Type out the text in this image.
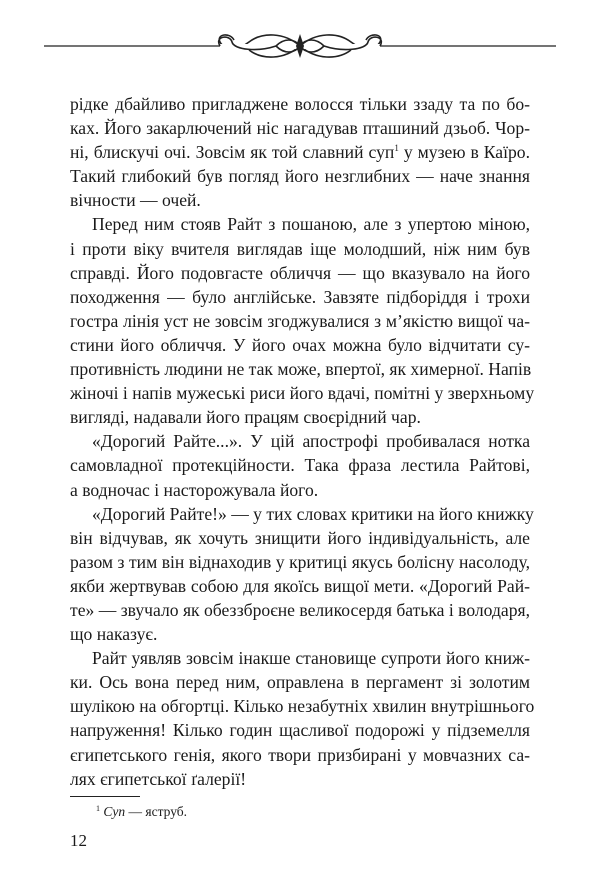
рідке дбайливо пригладжене волосся тільки ззаду та по бо-
ках. Його закарлючений ніс нагадував пташиний дзьоб. Чор-
ні, блискучі очі. Зовсім як той славний суп$^1$ у музею в Каїро.
Такий глибокий був погляд його незглибних — наче знання
вічности — очей.
Перед ним стояв Райт з пошаною, але з упертою міною,
і проти віку вчителя виглядав іще молодший, ніж ним був
справді. Його подовгасте обличчя — що вказувало на його
походження — було англійське. Завзяте підборіддя і трохи
гостра лінія уст не зовсім згоджувалися з м’якістю вищої ча-
стини його обличчя. У його очах можна було відчитати су-
противність людини не так може, впертої, як химерної. Напів
жіночі і напів мужеські риси його вдачі, помітні у зверхньому
вигляді, надавали його працям своєрідний чар.
«Дорогий Райте...». У цій апострофі пробивалася нотка
самовладної протекційности. Така фраза лестила Райтові,
а водночас і насторожувала його.
«Дорогий Райте!» — у тих словах критики на його книжку
він відчував, як хочуть знищити його індивідуальність, але
разом з тим він віднаходив у критиці якусь болісну насолоду,
якби жертвував собою для якоїсь вищої мети. «Дорогий Рай-
те» — звучало як обеззброєне великосердя батька і володаря,
що наказує.
Райт уявляв зовсім інакше становище супроти його книж-
ки. Ось вона перед ним, оправлена в пергамент зі золотим
шулікою на обгортці. Кілько незабутніх хвилин внутрішнього
напруження! Кілько годин щасливої подорожі у підземелля
єгипетського генія, якого твори призбирані у мовчазних са-
лях єгипетської ґалерії!
$^1$ Суп — яструб.
12
